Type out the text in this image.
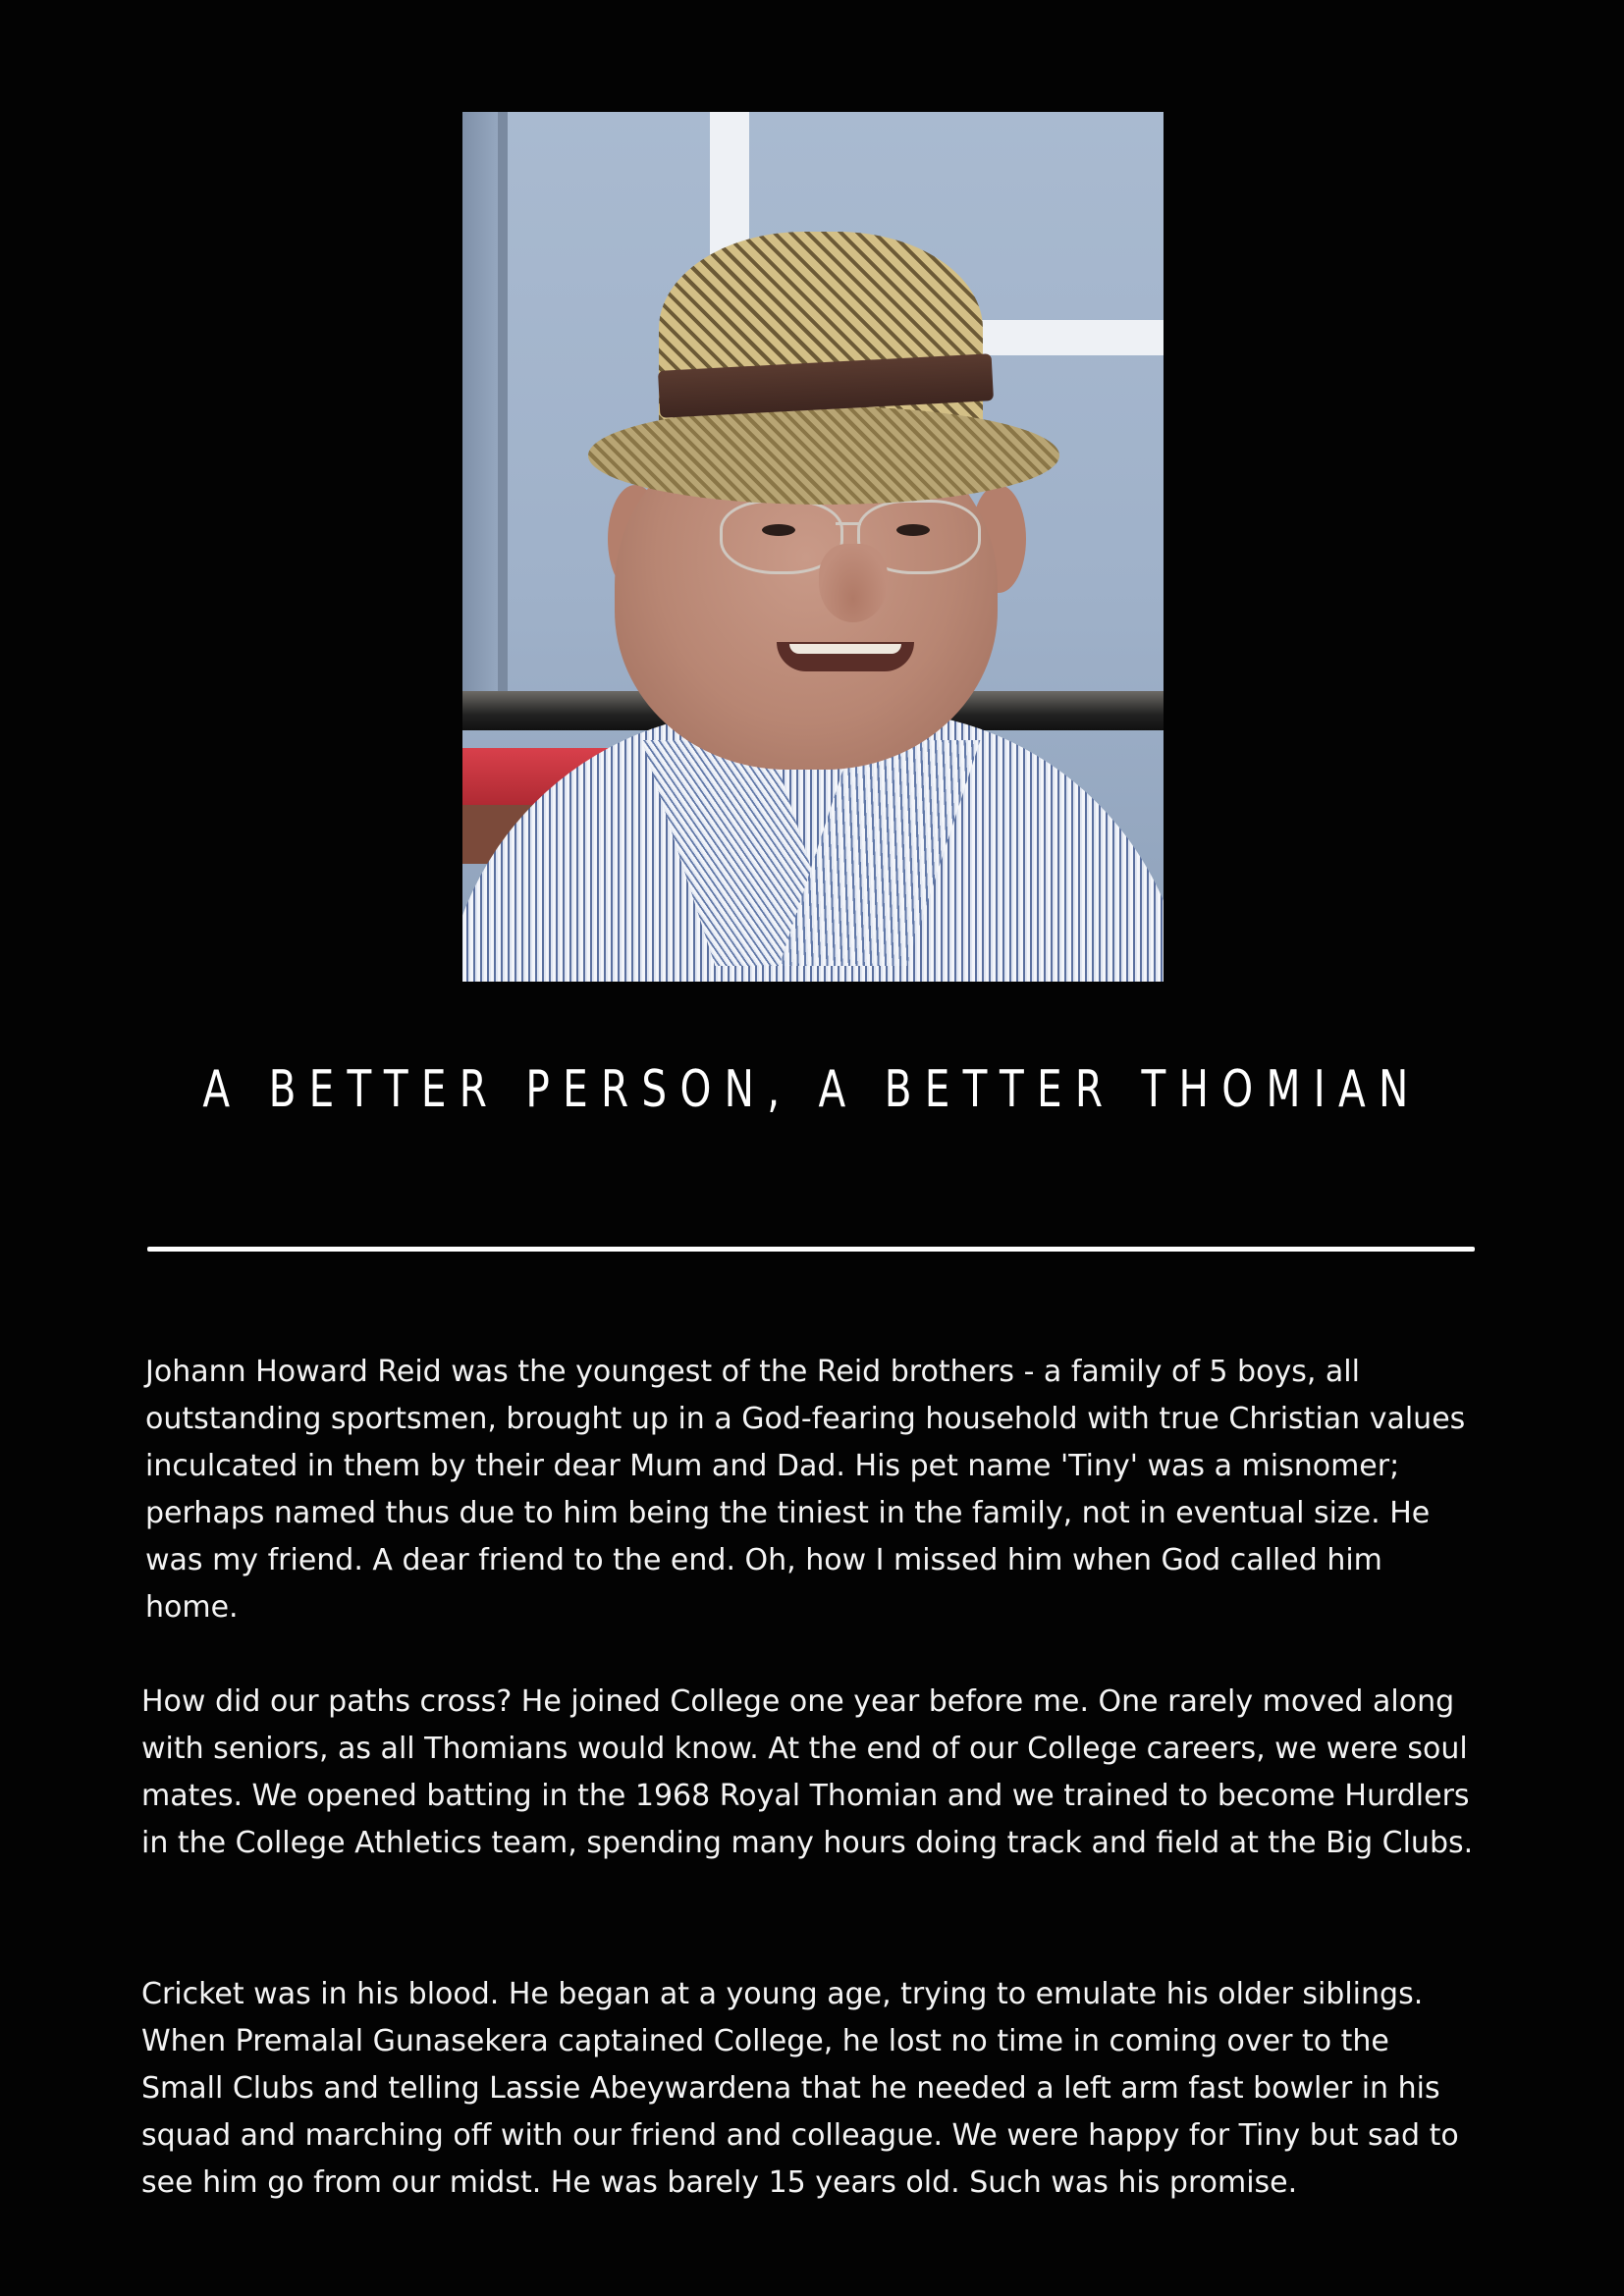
A BETTER PERSON, A BETTER THOMIAN

Johann Howard Reid was the youngest of the Reid brothers - a family of 5 boys, all outstanding sportsmen, brought up in a God-fearing household with true Christian values inculcated in them by their dear Mum and Dad. His pet name 'Tiny' was a misnomer; perhaps named thus due to him being the tiniest in the family, not in eventual size. He was my friend. A dear friend to the end. Oh, how I missed him when God called him home.

How did our paths cross? He joined College one year before me. One rarely moved along with seniors, as all Thomians would know. At the end of our College careers, we were soul mates. We opened batting in the 1968 Royal Thomian and we trained to become Hurdlers in the College Athletics team, spending many hours doing track and field at the Big Clubs.

Cricket was in his blood. He began at a young age, trying to emulate his older siblings. When Premalal Gunasekera captained College, he lost no time in coming over to the Small Clubs and telling Lassie Abeywardena that he needed a left arm fast bowler in his squad and marching off with our friend and colleague. We were happy for Tiny but sad to see him go from our midst. He was barely 15 years old. Such was his promise.
